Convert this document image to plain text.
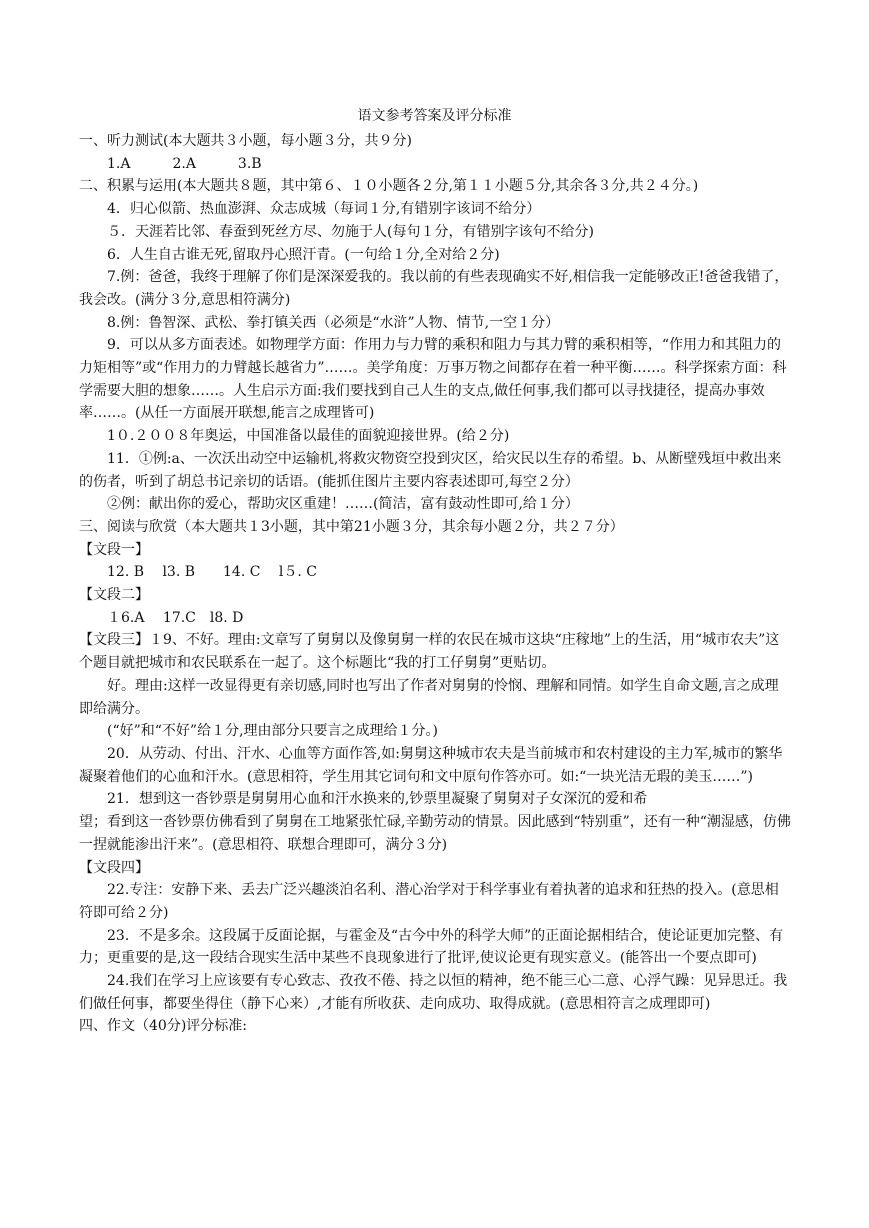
语文参考答案及评分标准

一、听力测试(本大题共３小题，每小题３分，共９分)

1.A　　　2.A　　　3.B

二、积累与运用(本大题共８题，其中第６、１０小题各２分,第１１小题５分,其余各３分,共２４分。)

4．归心似箭、热血澎湃、众志成城（每词１分,有错别字该词不给分）

５．天涯若比邻、春蚕到死丝方尽、勿施于人(每句１分，有错别字该句不给分)

6．人生自古谁无死,留取丹心照汗青。(一句给１分,全对给２分)

7.例：爸爸，我终于理解了你们是深深爱我的。我以前的有些表现确实不好,相信我一定能够改正!爸爸我错了，我会改。(满分３分,意思相符满分)

8.例：鲁智深、武松、拳打镇关西（必须是“水浒”人物、情节,一空１分）

9．可以从多方面表述。如物理学方面：作用力与力臂的乘积和阻力与其力臂的乘积相等，“作用力和其阻力的力矩相等”或“作用力的力臂越长越省力”……。美学角度：万事万物之间都存在着一种平衡……。科学探索方面：科学需要大胆的想象……。人生启示方面:我们要找到自己人生的支点,做任何事,我们都可以寻找捷径，提高办事效率……。(从任一方面展开联想,能言之成理皆可)

1０.２００８年奥运，中国准备以最佳的面貌迎接世界。(给２分)

11．①例:a、一次沃出动空中运输机,将救灾物资空投到灾区，给灾民以生存的希望。b、从断壁残垣中救出来的伤者，听到了胡总书记亲切的话语。(能抓住图片主要内容表述即可,每空２分）

②例：献出你的爱心，帮助灾区重建！……(简洁，富有鼓动性即可,给１分）

三、阅读与欣赏（本大题共１3小题，其中第21小题３分，其余每小题２分，共２７分）

【文段一】

12. B　 l3. B　　14. C　 l５. C

【文段二】

１6.A　 17.C　l8. D

【文段三】１9、不好。理由:文章写了舅舅以及像舅舅一样的农民在城市这块“庄稼地”上的生活，用“城市农夫”这个题目就把城市和农民联系在一起了。这个标题比“我的打工仔舅舅”更贴切。

好。理由:这样一改显得更有亲切感,同时也写出了作者对舅舅的怜悯、理解和同情。如学生自命文题,言之成理即给满分。

(“好”和“不好”给１分,理由部分只要言之成理给１分。)

20．从劳动、付出、汗水、心血等方面作答,如:舅舅这种城市农夫是当前城市和农村建设的主力军,城市的繁华凝聚着他们的心血和汗水。(意思相符，学生用其它词句和文中原句作答亦可。如:“一块光洁无瑕的美玉……”)

21．想到这一沓钞票是舅舅用心血和汗水换来的,钞票里凝聚了舅舅对子女深沉的爱和希

望；看到这一沓钞票仿佛看到了舅舅在工地紧张忙碌,辛勤劳动的情景。因此感到“特别重”，还有一种“潮湿感，仿佛一捏就能渗出汗来”。(意思相符、联想合理即可，满分３分)

【文段四】

22.专注：安静下来、丢去广泛兴趣淡泊名利、潜心治学对于科学事业有着执著的追求和狂热的投入。(意思相符即可给２分)

23．不是多余。这段属于反面论据，与霍金及“古今中外的科学大师”的正面论据相结合，使论证更加完整、有力；更重要的是,这一段结合现实生活中某些不良现象进行了批评,使议论更有现实意义。(能答出一个要点即可)

24.我们在学习上应该要有专心致志、孜孜不倦、持之以恒的精神，绝不能三心二意、心浮气躁：见异思迁。我们做任何事，都要坐得住（静下心来）,才能有所收获、走向成功、取得成就。(意思相符言之成理即可)

四、作文（40分)评分标准:
